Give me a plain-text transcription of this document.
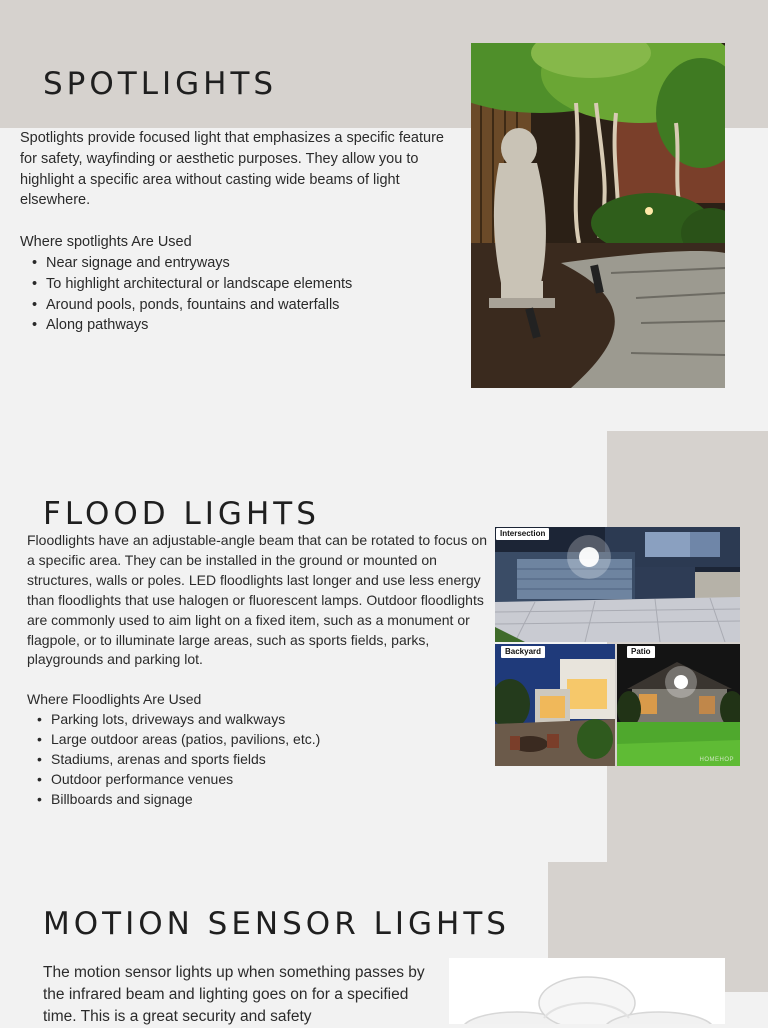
SPOTLIGHTS

Spotlights provide focused light that emphasizes a specific feature for safety, wayfinding or aesthetic purposes. They allow you to highlight a specific area without casting wide beams of light elsewhere.

Where spotlights Are Used

• Near signage and entryways
• To highlight architectural or landscape elements
• Around pools, ponds, fountains and waterfalls
• Along pathways
FLOOD LIGHTS

Floodlights have an adjustable-angle beam that can be rotated to focus on a specific area. They can be installed in the ground or mounted on structures, walls or poles. LED floodlights last longer and use less energy than floodlights that use halogen or fluorescent lamps. Outdoor floodlights are commonly used to aim light on a fixed item, such as a monument or flagpole, or to illuminate large areas, such as sports fields, parks, playgrounds and parking lot.

Where Floodlights Are Used

• Parking lots, driveways and walkways
• Large outdoor areas (patios, pavilions, etc.)
• Stadiums, arenas and sports fields
• Outdoor performance venues
• Billboards and signage
Intersection
Backyard	Patio
HOMEHOP
MOTION SENSOR LIGHTS

The motion sensor lights up when something passes by the infrared beam and lighting goes on for a specified time. This is a great security and safety
